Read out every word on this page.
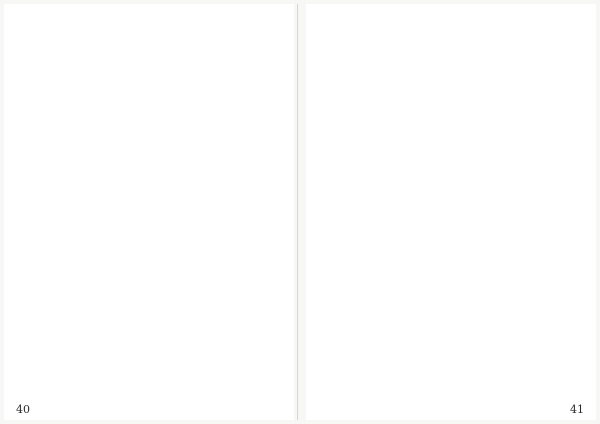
40	41
